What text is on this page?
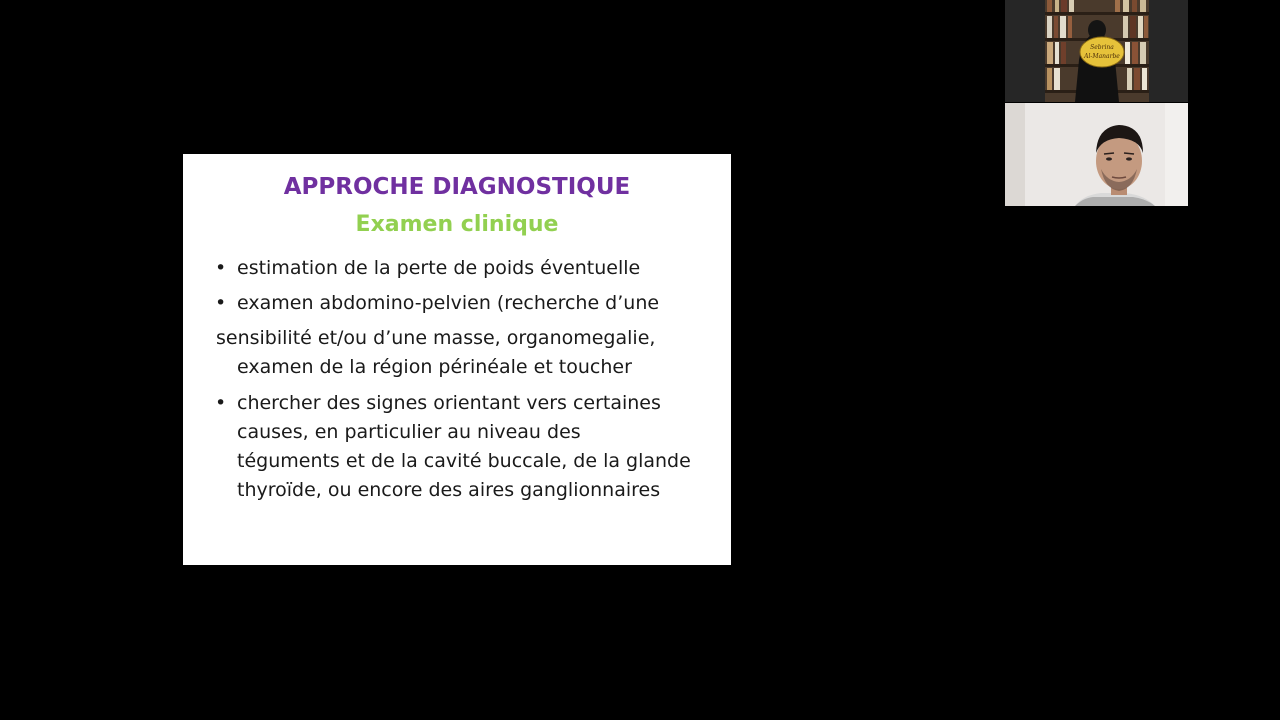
APPROCHE DIAGNOSTIQUE
Examen clinique
• estimation de la perte de poids éventuelle
• examen abdomino-pelvien (recherche d’une
sensibilité et/ou d’une masse, organomegalie,
examen de la région périnéale et toucher
• chercher des signes orientant vers certaines
causes, en particulier au niveau des
téguments et de la cavité buccale, de la glande
thyroïde, ou encore des aires ganglionnaires
Sebrina
Al-Manarbe
